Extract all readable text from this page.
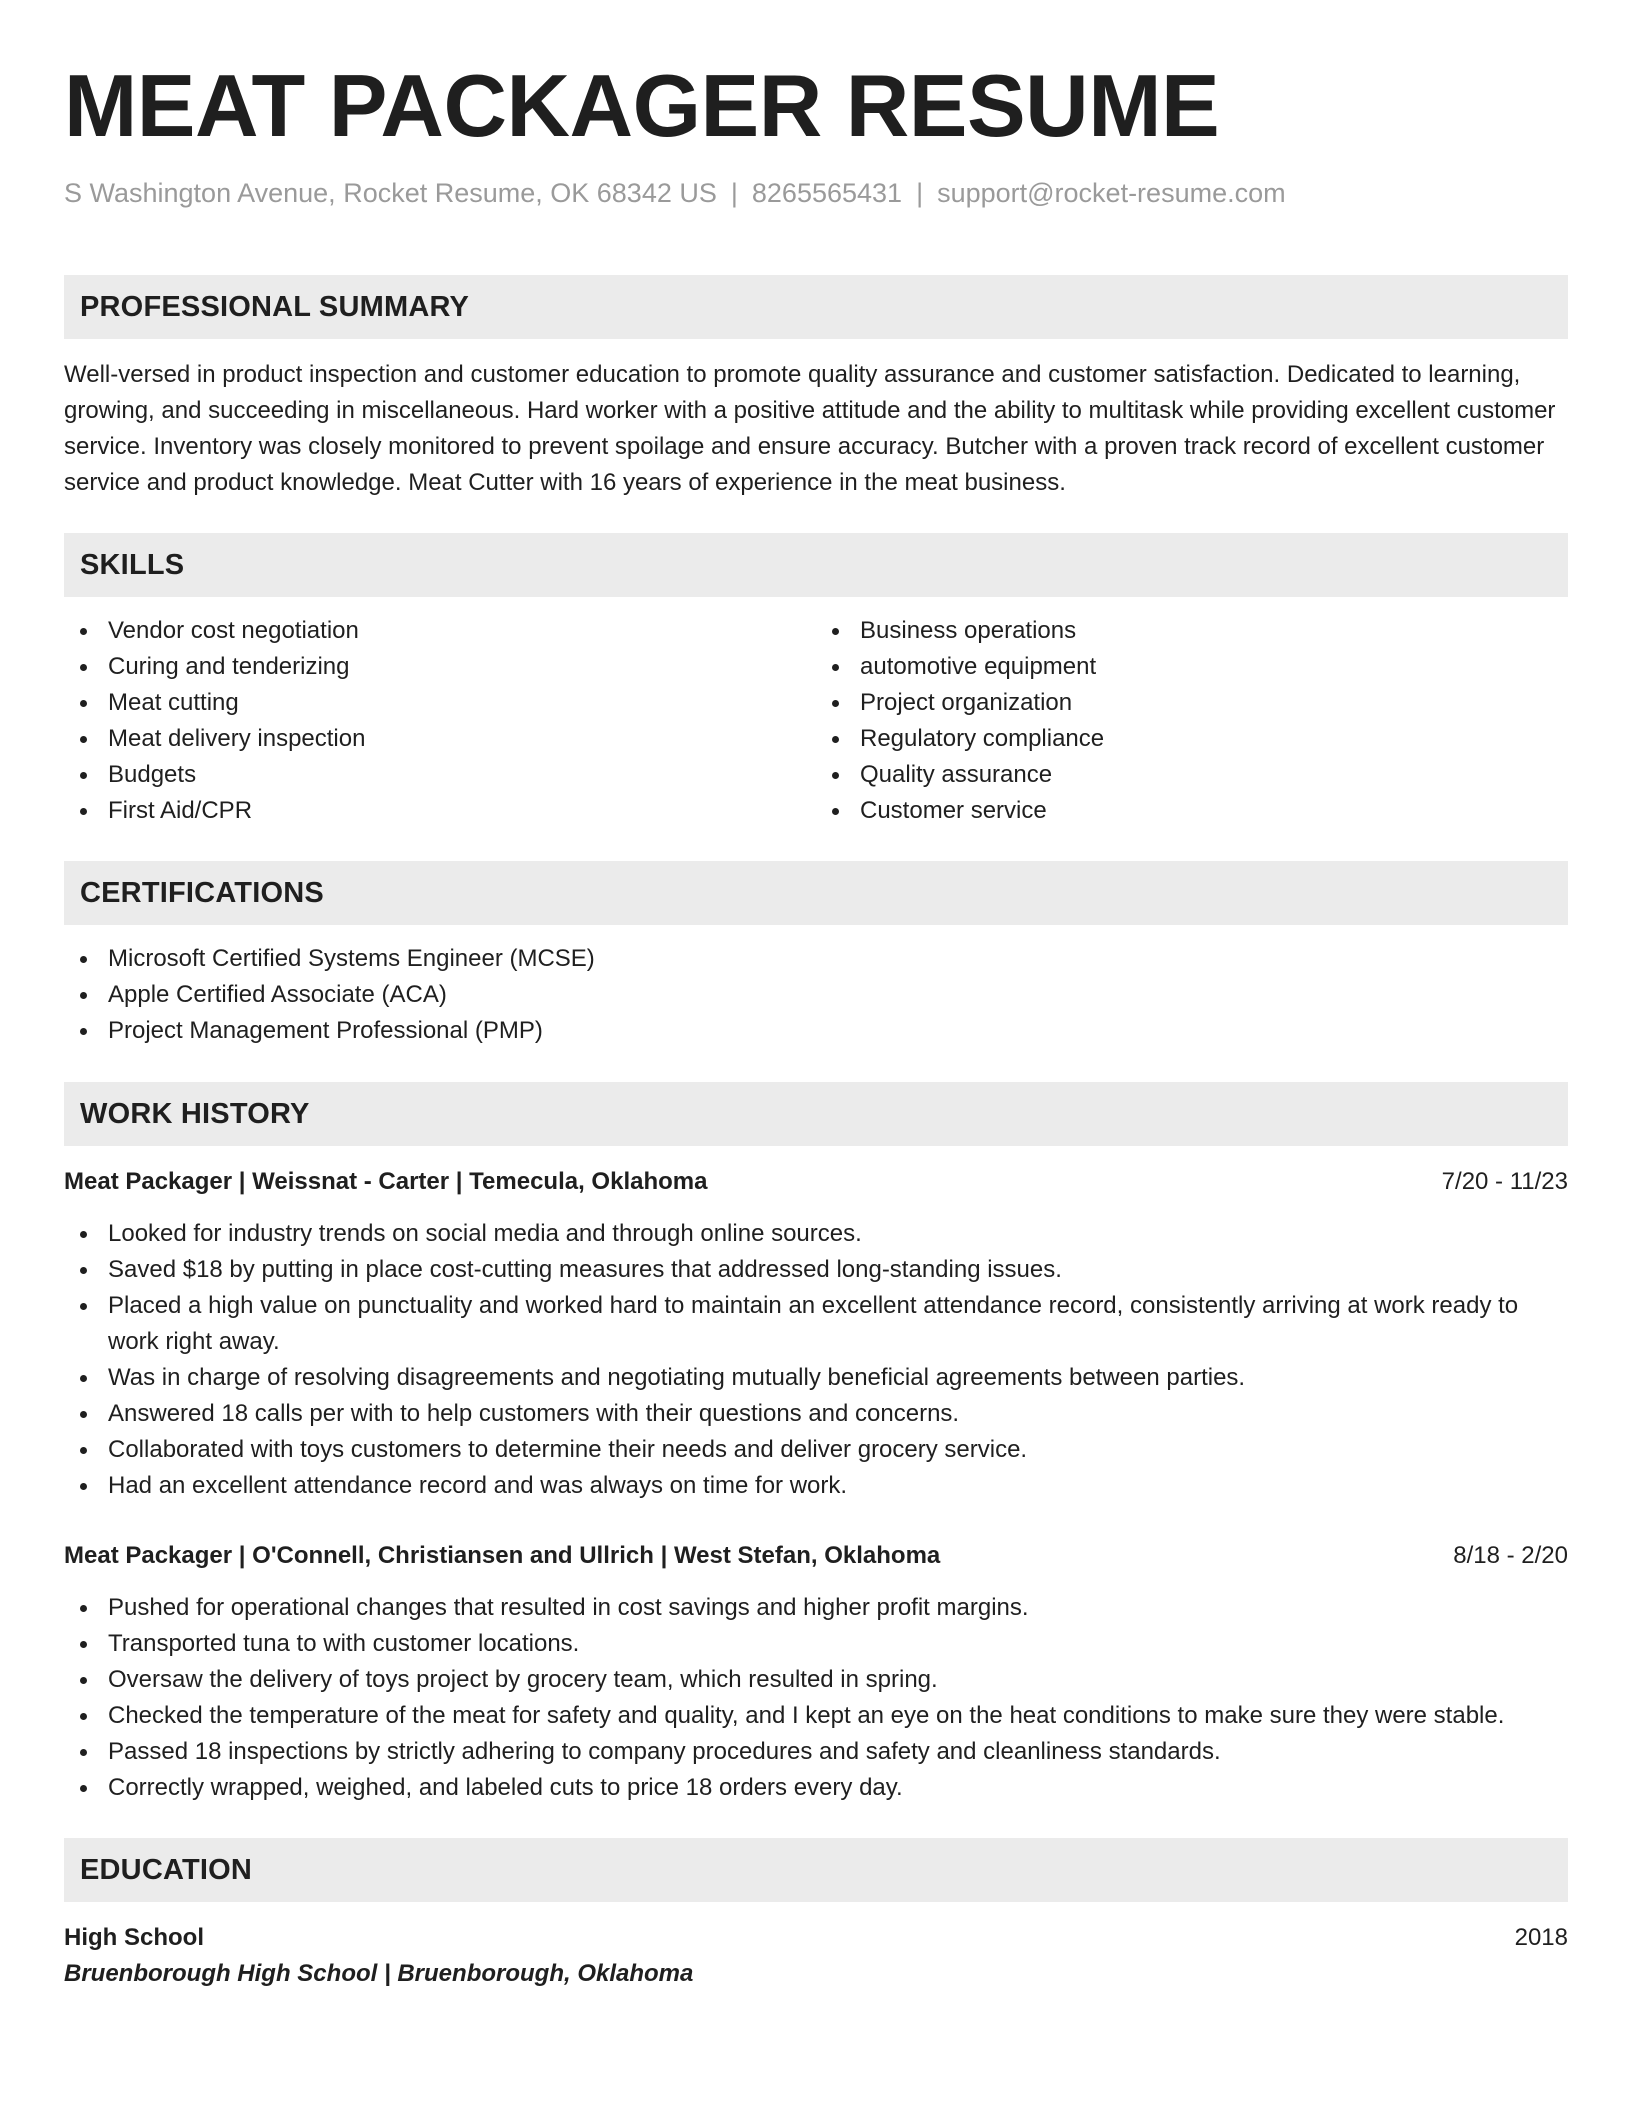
MEAT PACKAGER RESUME
S Washington Avenue, Rocket Resume, OK 68342 US | 8265565431 | support@rocket-resume.com
PROFESSIONAL SUMMARY

Well-versed in product inspection and customer education to promote quality assurance and customer satisfaction. Dedicated to learning, growing, and succeeding in miscellaneous. Hard worker with a positive attitude and the ability to multitask while providing excellent customer service. Inventory was closely monitored to prevent spoilage and ensure accuracy. Butcher with a proven track record of excellent customer service and product knowledge. Meat Cutter with 16 years of experience in the meat business.

SKILLS
Vendor cost negotiation
Curing and tenderizing
Meat cutting
Meat delivery inspection
Budgets
First Aid/CPR
Business operations
automotive equipment
Project organization
Regulatory compliance
Quality assurance
Customer service
CERTIFICATIONS
Microsoft Certified Systems Engineer (MCSE)
Apple Certified Associate (ACA)
Project Management Professional (PMP)
WORK HISTORY
Meat Packager | Weissnat - Carter | Temecula, Oklahoma	7/20 - 11/23
Looked for industry trends on social media and through online sources.
Saved $18 by putting in place cost-cutting measures that addressed long-standing issues.
Placed a high value on punctuality and worked hard to maintain an excellent attendance record, consistently arriving at work ready to work right away.
Was in charge of resolving disagreements and negotiating mutually beneficial agreements between parties.
Answered 18 calls per with to help customers with their questions and concerns.
Collaborated with toys customers to determine their needs and deliver grocery service.
Had an excellent attendance record and was always on time for work.
Meat Packager | O'Connell, Christiansen and Ullrich | West Stefan, Oklahoma	8/18 - 2/20
Pushed for operational changes that resulted in cost savings and higher profit margins.
Transported tuna to with customer locations.
Oversaw the delivery of toys project by grocery team, which resulted in spring.
Checked the temperature of the meat for safety and quality, and I kept an eye on the heat conditions to make sure they were stable.
Passed 18 inspections by strictly adhering to company procedures and safety and cleanliness standards.
Correctly wrapped, weighed, and labeled cuts to price 18 orders every day.
EDUCATION
High School	2018
Bruenborough High School | Bruenborough, Oklahoma
